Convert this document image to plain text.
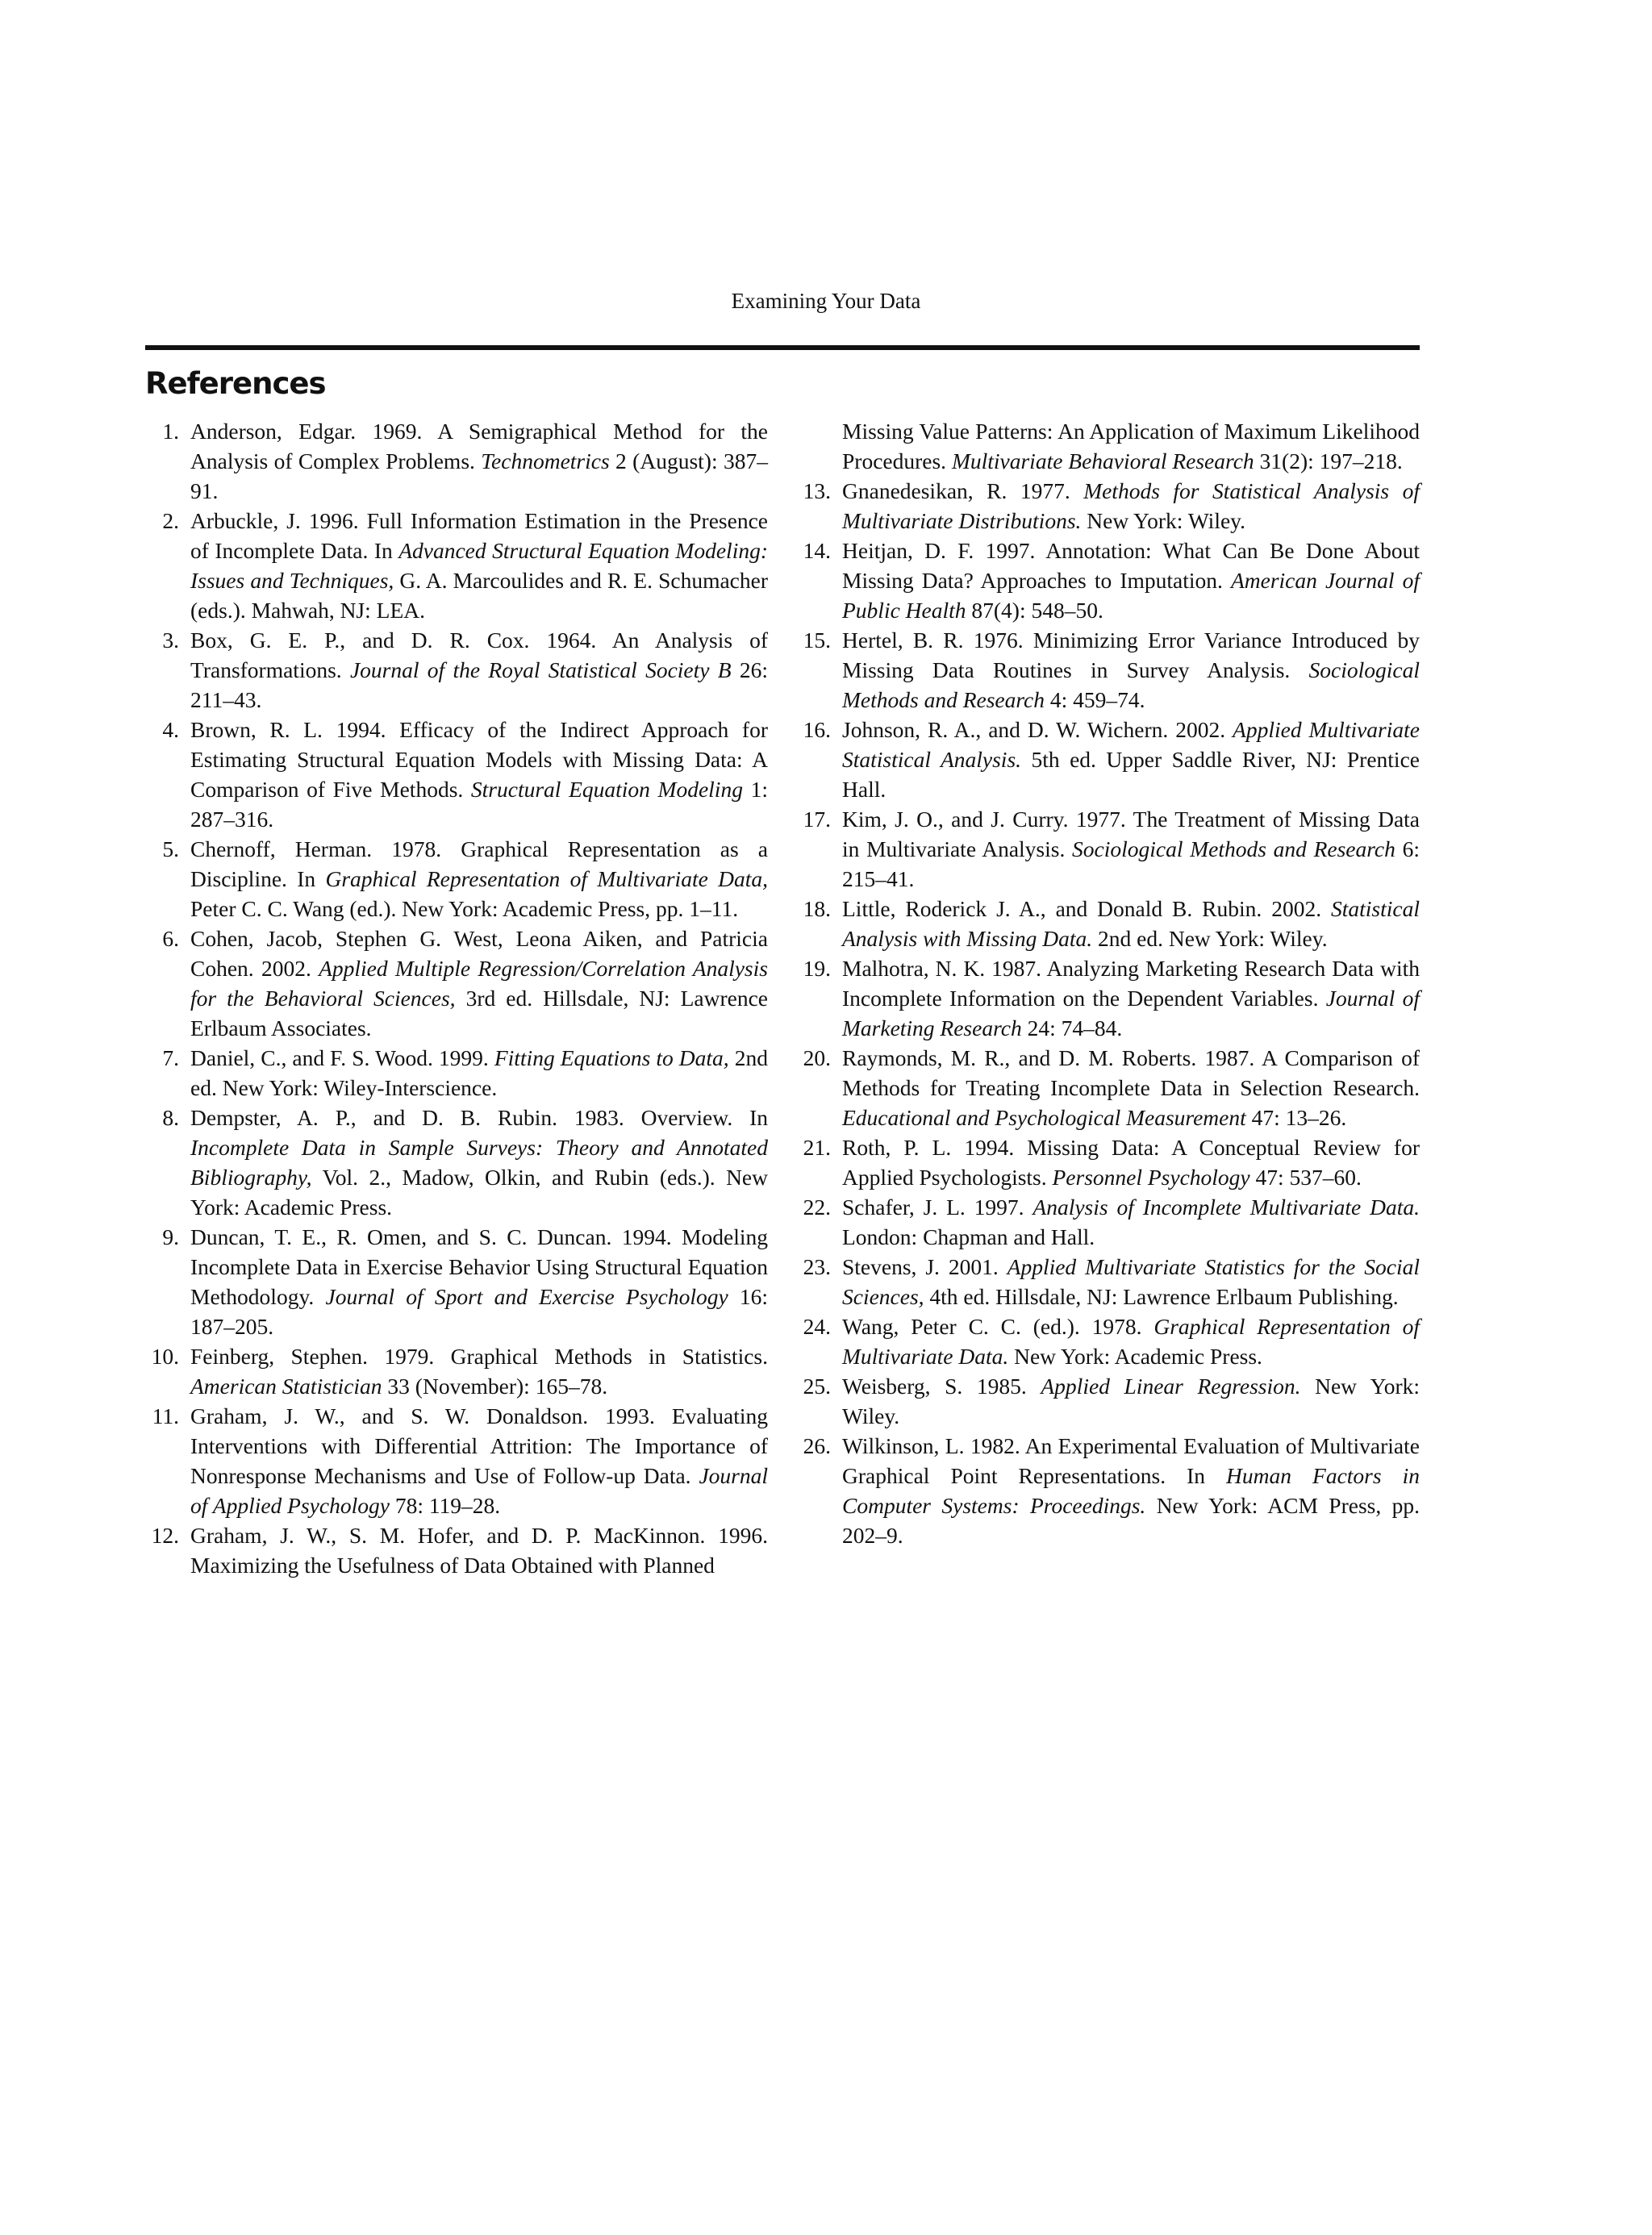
Examining Your Data
References
1. Anderson, Edgar. 1969. A Semigraphical Method for the Analysis of Complex Problems. Technometrics 2 (August): 387–91.
2. Arbuckle, J. 1996. Full Information Estimation in the Presence of Incomplete Data. In Advanced Structural Equation Modeling: Issues and Techniques, G. A. Marcoulides and R. E. Schumacher (eds.). Mahwah, NJ: LEA.
3. Box, G. E. P., and D. R. Cox. 1964. An Analysis of Transformations. Journal of the Royal Statistical Society B 26: 211–43.
4. Brown, R. L. 1994. Efficacy of the Indirect Approach for Estimating Structural Equation Models with Missing Data: A Comparison of Five Methods. Structural Equation Modeling 1: 287–316.
5. Chernoff, Herman. 1978. Graphical Representation as a Discipline. In Graphical Representation of Multivariate Data, Peter C. C. Wang (ed.). New York: Academic Press, pp. 1–11.
6. Cohen, Jacob, Stephen G. West, Leona Aiken, and Patricia Cohen. 2002. Applied Multiple Regression/Correlation Analysis for the Behavioral Sciences, 3rd ed. Hillsdale, NJ: Lawrence Erlbaum Associates.
7. Daniel, C., and F. S. Wood. 1999. Fitting Equations to Data, 2nd ed. New York: Wiley-Interscience.
8. Dempster, A. P., and D. B. Rubin. 1983. Overview. In Incomplete Data in Sample Surveys: Theory and Annotated Bibliography, Vol. 2., Madow, Olkin, and Rubin (eds.). New York: Academic Press.
9. Duncan, T. E., R. Omen, and S. C. Duncan. 1994. Modeling Incomplete Data in Exercise Behavior Using Structural Equation Methodology. Journal of Sport and Exercise Psychology 16: 187–205.
10. Feinberg, Stephen. 1979. Graphical Methods in Statistics. American Statistician 33 (November): 165–78.
11. Graham, J. W., and S. W. Donaldson. 1993. Evaluating Interventions with Differential Attrition: The Importance of Nonresponse Mechanisms and Use of Follow-up Data. Journal of Applied Psychology 78: 119–28.
12. Graham, J. W., S. M. Hofer, and D. P. MacKinnon. 1996. Maximizing the Usefulness of Data Obtained with Planned
Missing Value Patterns: An Application of Maximum Likelihood Procedures. Multivariate Behavioral Research 31(2): 197–218.
13. Gnanedesikan, R. 1977. Methods for Statistical Analysis of Multivariate Distributions. New York: Wiley.
14. Heitjan, D. F. 1997. Annotation: What Can Be Done About Missing Data? Approaches to Imputation. American Journal of Public Health 87(4): 548–50.
15. Hertel, B. R. 1976. Minimizing Error Variance Introduced by Missing Data Routines in Survey Analysis. Sociological Methods and Research 4: 459–74.
16. Johnson, R. A., and D. W. Wichern. 2002. Applied Multivariate Statistical Analysis. 5th ed. Upper Saddle River, NJ: Prentice Hall.
17. Kim, J. O., and J. Curry. 1977. The Treatment of Missing Data in Multivariate Analysis. Sociological Methods and Research 6: 215–41.
18. Little, Roderick J. A., and Donald B. Rubin. 2002. Statistical Analysis with Missing Data. 2nd ed. New York: Wiley.
19. Malhotra, N. K. 1987. Analyzing Marketing Research Data with Incomplete Information on the Dependent Variables. Journal of Marketing Research 24: 74–84.
20. Raymonds, M. R., and D. M. Roberts. 1987. A Comparison of Methods for Treating Incomplete Data in Selection Research. Educational and Psychological Measurement 47: 13–26.
21. Roth, P. L. 1994. Missing Data: A Conceptual Review for Applied Psychologists. Personnel Psychology 47: 537–60.
22. Schafer, J. L. 1997. Analysis of Incomplete Multivariate Data. London: Chapman and Hall.
23. Stevens, J. 2001. Applied Multivariate Statistics for the Social Sciences, 4th ed. Hillsdale, NJ: Lawrence Erlbaum Publishing.
24. Wang, Peter C. C. (ed.). 1978. Graphical Representation of Multivariate Data. New York: Academic Press.
25. Weisberg, S. 1985. Applied Linear Regression. New York: Wiley.
26. Wilkinson, L. 1982. An Experimental Evaluation of Multivariate Graphical Point Representations. In Human Factors in Computer Systems: Proceedings. New York: ACM Press, pp. 202–9.
